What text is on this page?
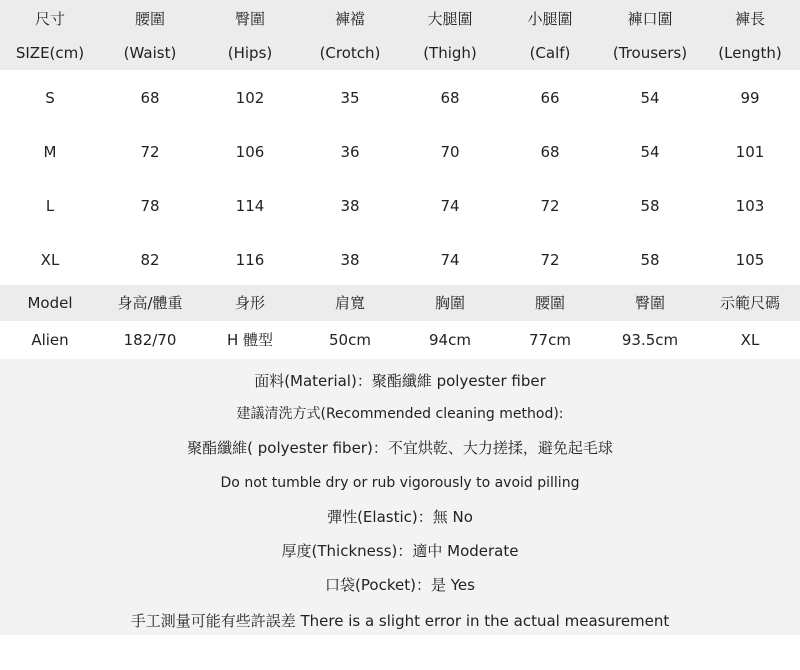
尺寸	腰圍	臀圍	褲襠	大腿圍	小腿圍	褲口圍	褲長
SIZE(cm)	(Waist)	(Hips)	(Crotch)	(Thigh)	(Calf)	(Trousers)	(Length)
S	68	102	35	68	66	54	99
M	72	106	36	70	68	54	101
L	78	114	38	74	72	58	103
XL	82	116	38	74	72	58	105
Model	身高/體重	身形	肩寬	胸圍	腰圍	臀圍	示範尺碼
Alien	182/70	H 體型	50cm	94cm	77cm	93.5cm	XL
面料(Material)：聚酯纖維 polyester fiber
建議清洗方式(Recommended cleaning method):
聚酯纖維( polyester fiber)：不宜烘乾、大力搓揉，避免起毛球
Do not tumble dry or rub vigorously to avoid pilling
彈性(Elastic)：無 No
厚度(Thickness)：適中 Moderate
口袋(Pocket)：是 Yes
手工測量可能有些許誤差 There is a slight error in the actual measurement
